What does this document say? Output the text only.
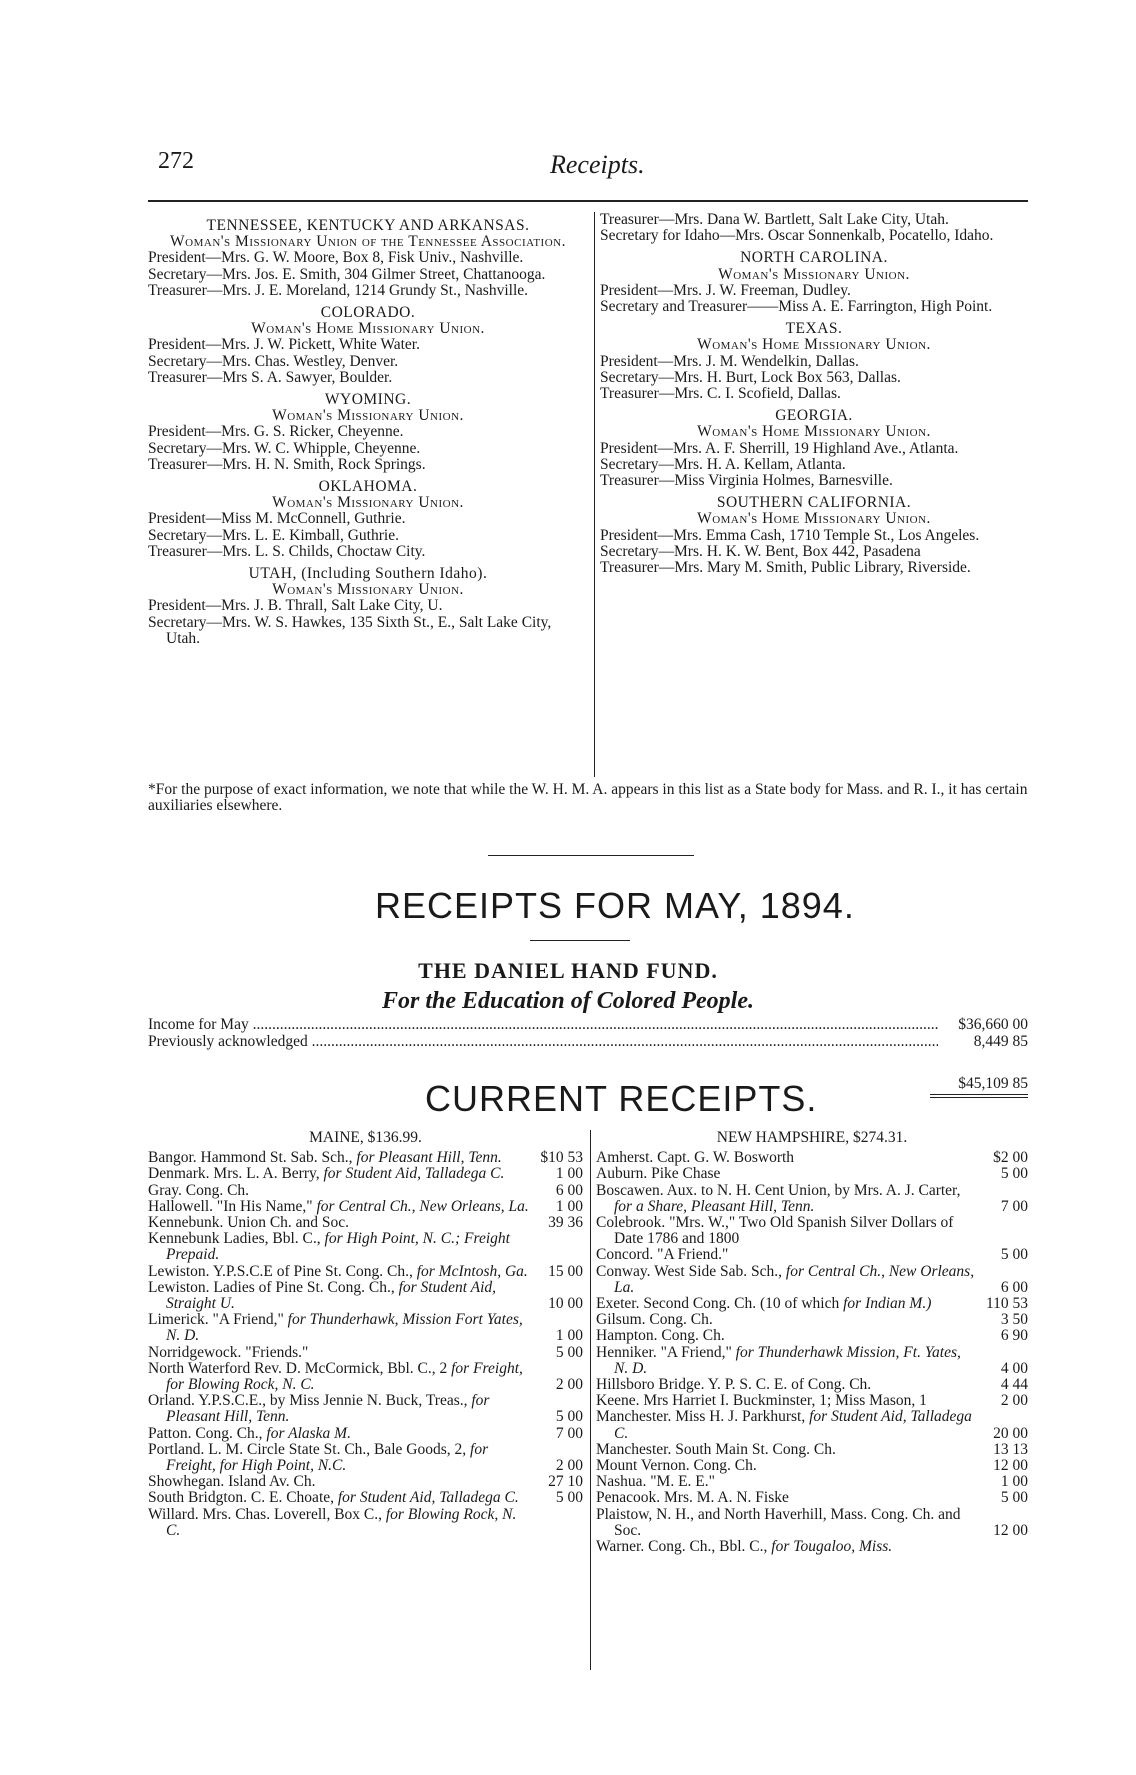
272	Receipts.

TENNESSEE, KENTUCKY AND ARKANSAS.

Woman's Missionary Union of the Tennessee Association.

President—Mrs. G. W. Moore, Box 8, Fisk Univ., Nashville.

Secretary—Mrs. Jos. E. Smith, 304 Gilmer Street, Chattanooga.

Treasurer—Mrs. J. E. Moreland, 1214 Grundy St., Nashville.

COLORADO.

Woman's Home Missionary Union.

President—Mrs. J. W. Pickett, White Water.

Secretary—Mrs. Chas. Westley, Denver.

Treasurer—Mrs S. A. Sawyer, Boulder.

WYOMING.

Woman's Missionary Union.

President—Mrs. G. S. Ricker, Cheyenne.

Secretary—Mrs. W. C. Whipple, Cheyenne.

Treasurer—Mrs. H. N. Smith, Rock Springs.

OKLAHOMA.

Woman's Missionary Union.

President—Miss M. McConnell, Guthrie.

Secretary—Mrs. L. E. Kimball, Guthrie.

Treasurer—Mrs. L. S. Childs, Choctaw City.

UTAH, (Including Southern Idaho).

Woman's Missionary Union.

President—Mrs. J. B. Thrall, Salt Lake City, U.

Secretary—Mrs. W. S. Hawkes, 135 Sixth St., E., Salt Lake City, Utah.

Treasurer—Mrs. Dana W. Bartlett, Salt Lake City, Utah.

Secretary for Idaho—Mrs. Oscar Sonnenkalb, Pocatello, Idaho.

NORTH CAROLINA.

Woman's Missionary Union.

President—Mrs. J. W. Freeman, Dudley.

Secretary and Treasurer——Miss A. E. Farrington, High Point.

TEXAS.

Woman's Home Missionary Union.

President—Mrs. J. M. Wendelkin, Dallas.

Secretary—Mrs. H. Burt, Lock Box 563, Dallas.

Treasurer—Mrs. C. I. Scofield, Dallas.

GEORGIA.

Woman's Home Missionary Union.

President—Mrs. A. F. Sherrill, 19 Highland Ave., Atlanta.

Secretary—Mrs. H. A. Kellam, Atlanta.

Treasurer—Miss Virginia Holmes, Barnesville.

SOUTHERN CALIFORNIA.

Woman's Home Missionary Union.

President—Mrs. Emma Cash, 1710 Temple St., Los Angeles.

Secretary—Mrs. H. K. W. Bent, Box 442, Pasadena

Treasurer—Mrs. Mary M. Smith, Public Library, Riverside.

*For the purpose of exact information, we note that while the W. H. M. A. appears in this list as a State body for Mass. and R. I., it has certain auxiliaries elsewhere.
RECEIPTS FOR MAY, 1894.
THE DANIEL HAND FUND.
For the Education of Colored People.
Income for May .....	$36,660 00
Previously acknowledged .....	8,449 85
$45,109 85
CURRENT RECEIPTS.

MAINE, $136.99.

Bangor. Hammond St. Sab. Sch., for Pleasant Hill, Tenn.	$10 53
Denmark. Mrs. L. A. Berry, for Student Aid, Talladega C.	1 00
Gray. Cong. Ch.	6 00
Hallowell. "In His Name," for Central Ch., New Orleans, La.	1 00
Kennebunk. Union Ch. and Soc.	39 36
Kennebunk Ladies, Bbl. C., for High Point, N. C.; Freight Prepaid.
Lewiston. Y.P.S.C.E of Pine St. Cong. Ch., for McIntosh, Ga.	15 00
Lewiston. Ladies of Pine St. Cong. Ch., for Student Aid, Straight U.	10 00
Limerick. "A Friend," for Thunderhawk, Mission Fort Yates, N. D.	1 00
Norridgewock. "Friends."	5 00
North Waterford Rev. D. McCormick, Bbl. C., 2 for Freight, for Blowing Rock, N. C.	2 00
Orland. Y.P.S.C.E., by Miss Jennie N. Buck, Treas., for Pleasant Hill, Tenn.	5 00
Patton. Cong. Ch., for Alaska M.	7 00
Portland. L. M. Circle State St. Ch., Bale Goods, 2, for Freight, for High Point, N.C.	2 00
Showhegan. Island Av. Ch.	27 10
South Bridgton. C. E. Choate, for Student Aid, Talladega C.	5 00
Willard. Mrs. Chas. Loverell, Box C., for Blowing Rock, N. C.

NEW HAMPSHIRE, $274.31.

Amherst. Capt. G. W. Bosworth	$2 00
Auburn. Pike Chase	5 00
Boscawen. Aux. to N. H. Cent Union, by Mrs. A. J. Carter, for a Share, Pleasant Hill, Tenn.	7 00
Colebrook. "Mrs. W.," Two Old Spanish Silver Dollars of Date 1786 and 1800
Concord. "A Friend."	5 00
Conway. West Side Sab. Sch., for Central Ch., New Orleans, La.	6 00
Exeter. Second Cong. Ch. (10 of which for Indian M.)	110 53
Gilsum. Cong. Ch.	3 50
Hampton. Cong. Ch.	6 90
Henniker. "A Friend," for Thunderhawk Mission, Ft. Yates, N. D.	4 00
Hillsboro Bridge. Y. P. S. C. E. of Cong. Ch.	4 44
Keene. Mrs Harriet I. Buckminster, 1; Miss Mason, 1	2 00
Manchester. Miss H. J. Parkhurst, for Student Aid, Talladega C.	20 00
Manchester. South Main St. Cong. Ch.	13 13
Mount Vernon. Cong. Ch.	12 00
Nashua. "M. E. E."	1 00
Penacook. Mrs. M. A. N. Fiske	5 00
Plaistow, N. H., and North Haverhill, Mass. Cong. Ch. and Soc.	12 00
Warner. Cong. Ch., Bbl. C., for Tougaloo, Miss.
